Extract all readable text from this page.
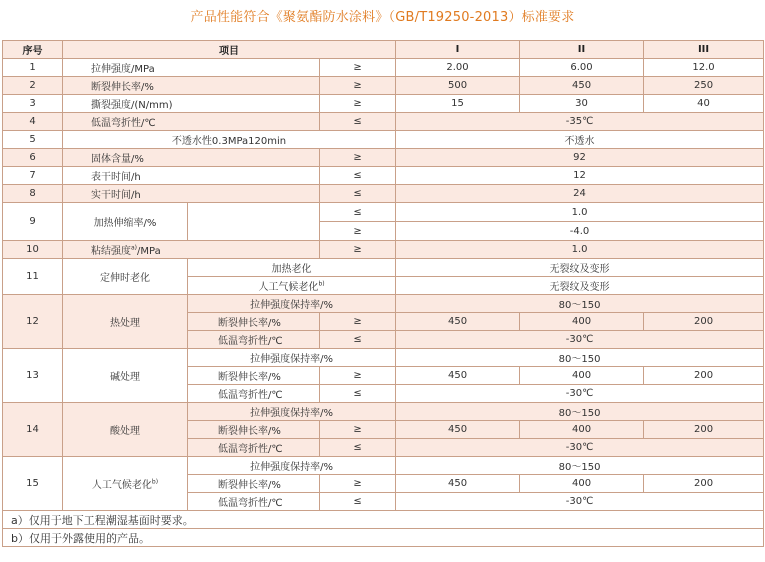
产品性能符合《聚氨酯防水涂料》（GB/T19250-2013）标准要求
序号	项目			I	II	III
1	拉伸强度/MPa		≥	2.00	6.00	12.0
2	断裂伸长率/%		≥	500	450	250
3	撕裂强度/(N/mm)		≥	15	30	40
4	低温弯折性/℃		≤	-35℃		
5	不透水性0.3MPa120min			不透水		
6	固体含量/%		≥	92		
7	表干时间/h		≤	12		
8	实干时间/h		≤	24		
9	加热伸缩率/%		≤	1.0		
			≥	-4.0		
10	粘结强度$^{a)}$/MPa		≥	1.0		
11	定伸时老化	加热老化		无裂纹及变形		
		人工气候老化$^{b)}$		无裂纹及变形		
12	热处理	拉伸强度保持率/%		80～150		
		断裂伸长率/%	≥	450	400	200
		低温弯折性/℃	≤	-30℃		
13	碱处理	拉伸强度保持率/%		80～150		
		断裂伸长率/%	≥	450	400	200
		低温弯折性/℃	≤	-30℃		
14	酸处理	拉伸强度保持率/%		80～150		
		断裂伸长率/%	≥	450	400	200
		低温弯折性/℃	≤	-30℃		
15	人工气候老化$^{b)}$	拉伸强度保持率/%		80～150		
		断裂伸长率/%	≥	450	400	200
		低温弯折性/℃	≤	-30℃		
a）仅用于地下工程潮湿基面时要求。						
b）仅用于外露使用的产品。						
